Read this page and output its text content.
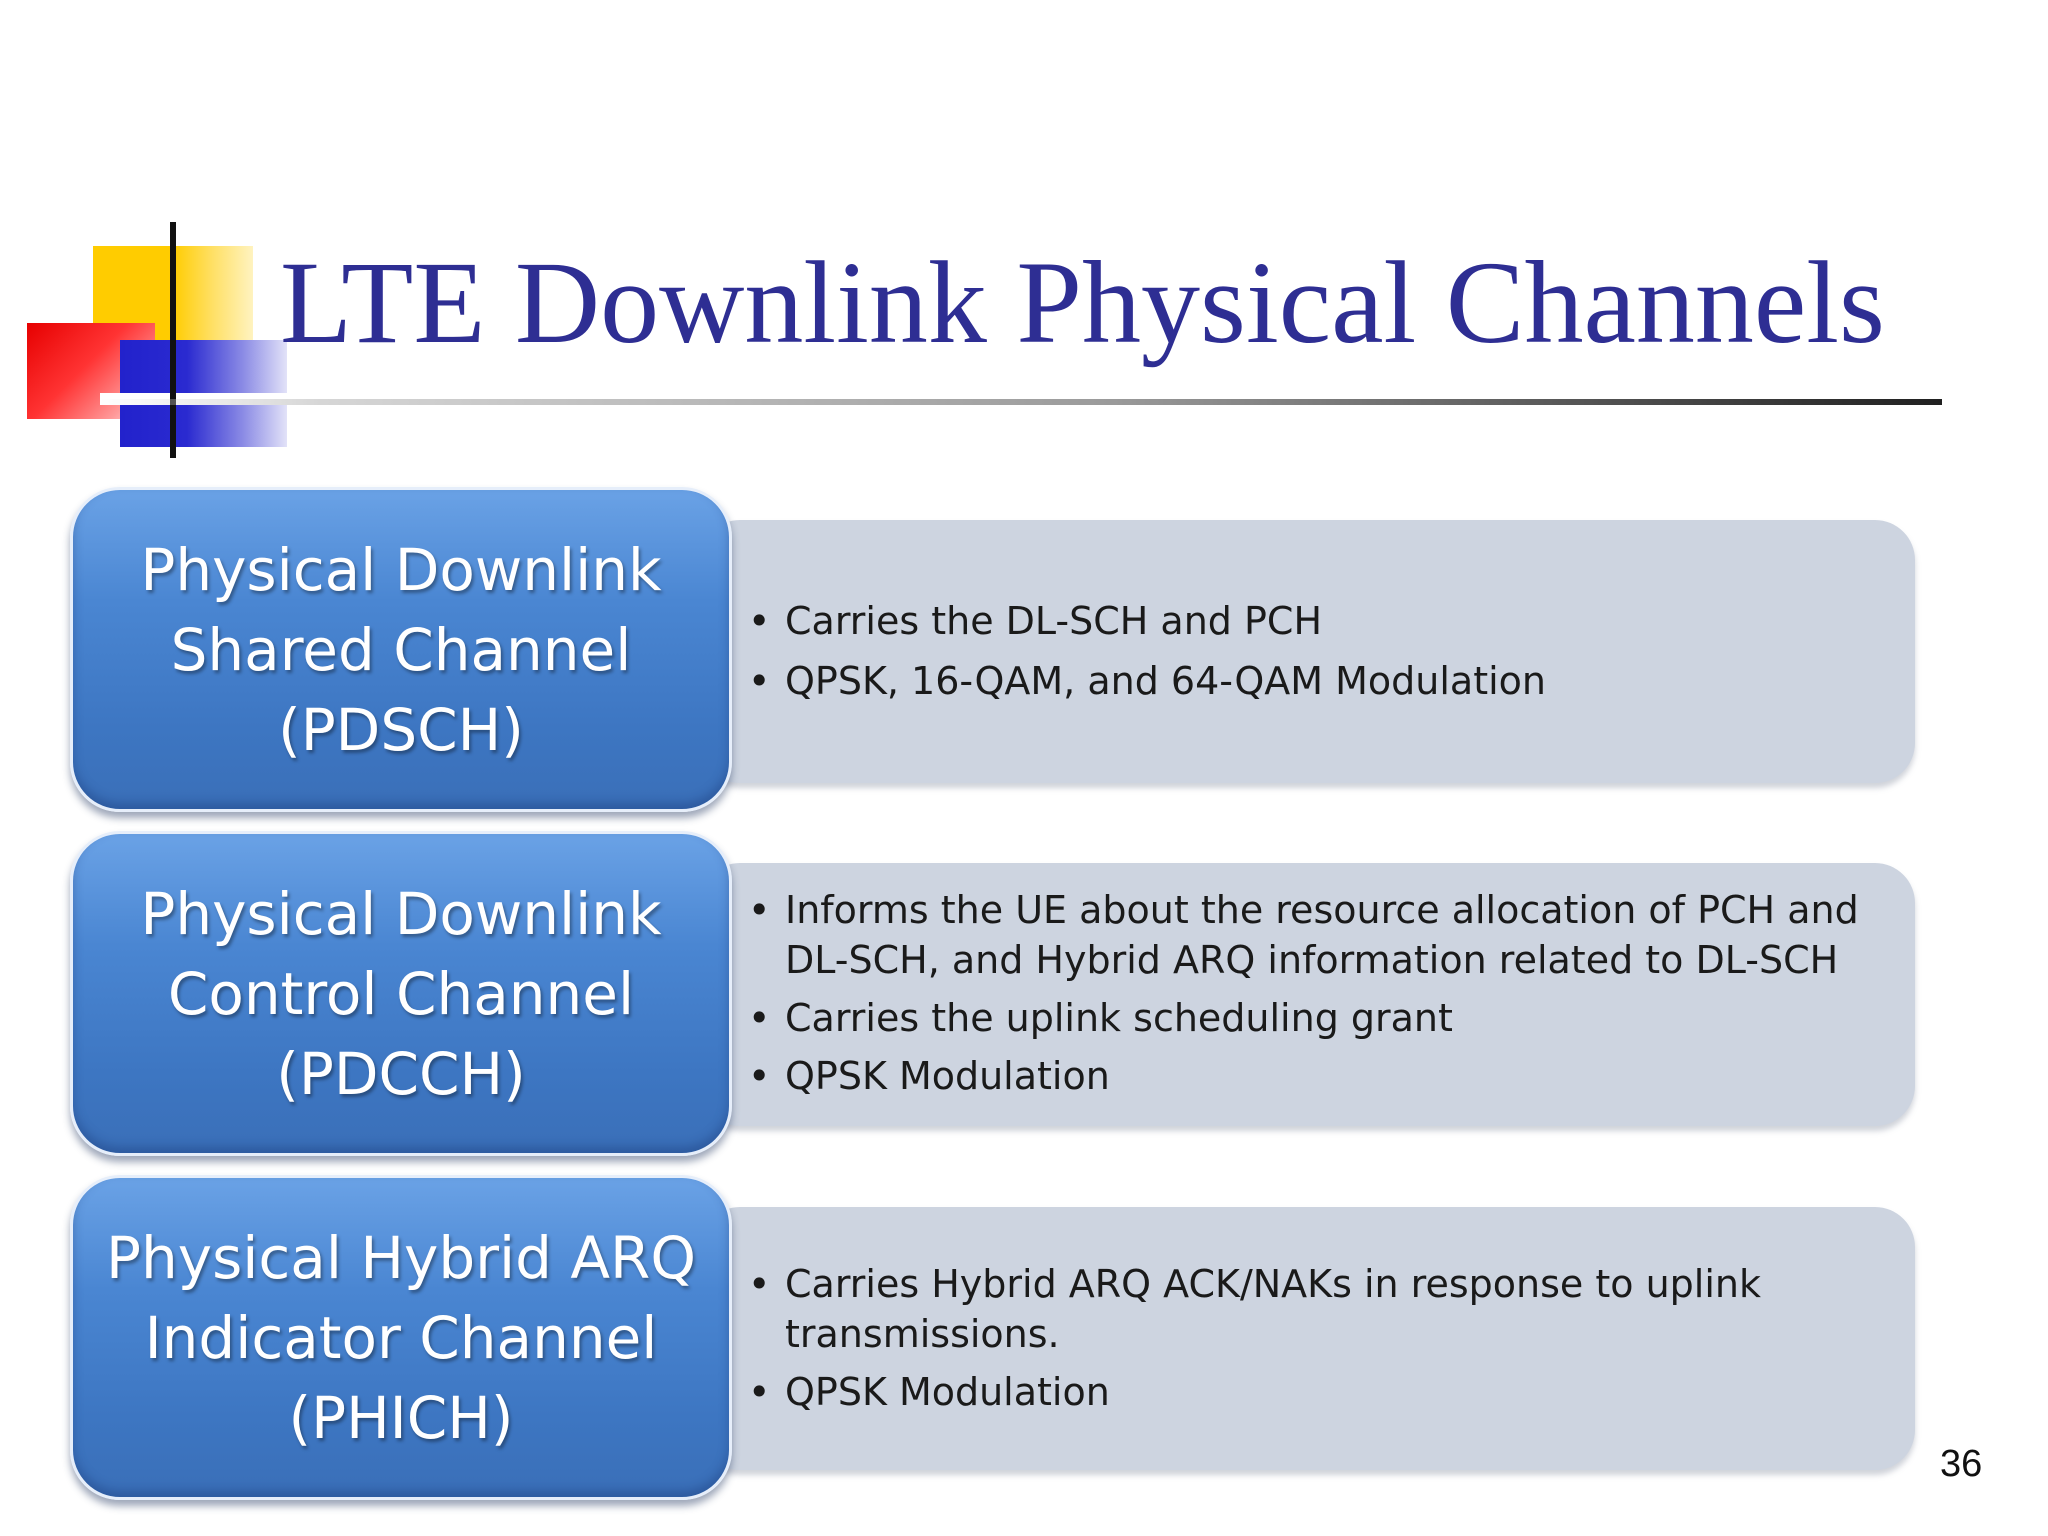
LTE Downlink Physical Channels
• Carries the DL-SCH and PCH
• QPSK, 16-QAM, and 64-QAM Modulation
Physical Downlink
Shared Channel
(PDSCH)
• Informs the UE about the resource allocation of PCH and DL-SCH, and Hybrid ARQ information related to DL-SCH
• Carries the uplink scheduling grant
• QPSK Modulation
Physical Downlink
Control Channel
(PDCCH)
• Carries Hybrid ARQ ACK/NAKs in response to uplink transmissions.
• QPSK Modulation
Physical Hybrid ARQ
Indicator Channel
(PHICH)
36
